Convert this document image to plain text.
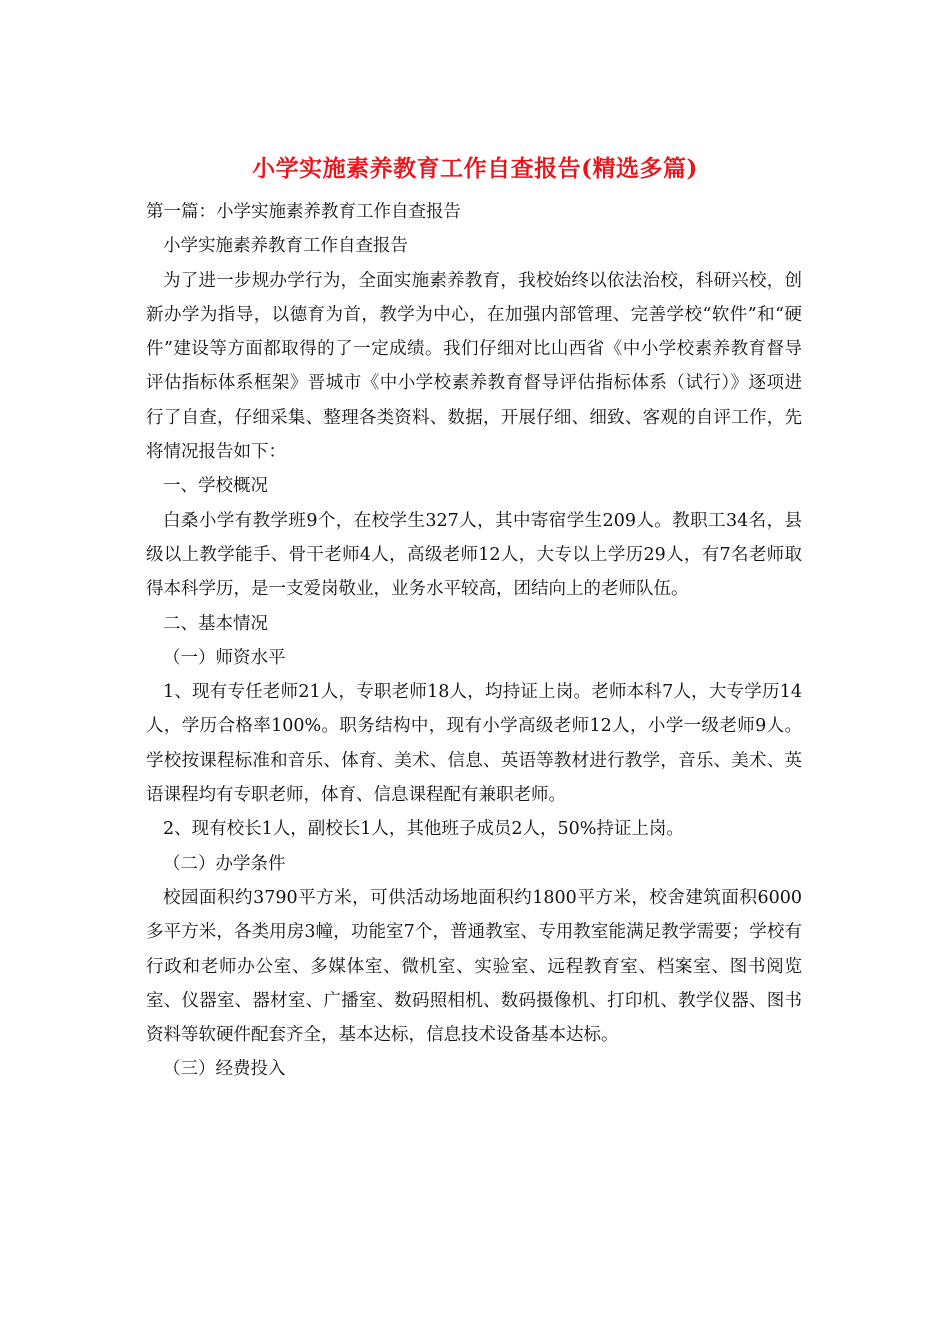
小学实施素养教育工作自查报告(精选多篇)

第一篇：小学实施素养教育工作自查报告

小学实施素养教育工作自查报告

为了进一步规办学行为，全面实施素养教育，我校始终以依法治校，科研兴校，创新办学为指导，以德育为首，教学为中心，在加强内部管理、完善学校“软件”和“硬件”建设等方面都取得的了一定成绩。我们仔细对比山西省《中小学校素养教育督导评估指标体系框架》晋城市《中小学校素养教育督导评估指标体系（试行）》逐项进行了自查，仔细采集、整理各类资料、数据，开展仔细、细致、客观的自评工作，先将情况报告如下：

一、学校概况

白桑小学有教学班9个，在校学生327人，其中寄宿学生209人。教职工34名，县级以上教学能手、骨干老师4人，高级老师12人，大专以上学历29人，有7名老师取得本科学历，是一支爱岗敬业，业务水平较高，团结向上的老师队伍。

二、基本情况

（一）师资水平

1、现有专任老师21人，专职老师18人，均持证上岗。老师本科7人，大专学历14人，学历合格率100%。职务结构中，现有小学高级老师12人，小学一级老师9人。学校按课程标准和音乐、体育、美术、信息、英语等教材进行教学，音乐、美术、英语课程均有专职老师，体育、信息课程配有兼职老师。

2、现有校长1人，副校长1人，其他班子成员2人，50%持证上岗。

（二）办学条件

校园面积约3790平方米，可供活动场地面积约1800平方米，校舍建筑面积6000多平方米，各类用房3幢，功能室7个，普通教室、专用教室能满足教学需要；学校有行政和老师办公室、多媒体室、微机室、实验室、远程教育室、档案室、图书阅览室、仪器室、器材室、广播室、数码照相机、数码摄像机、打印机、教学仪器、图书资料等软硬件配套齐全，基本达标，信息技术设备基本达标。

（三）经费投入
